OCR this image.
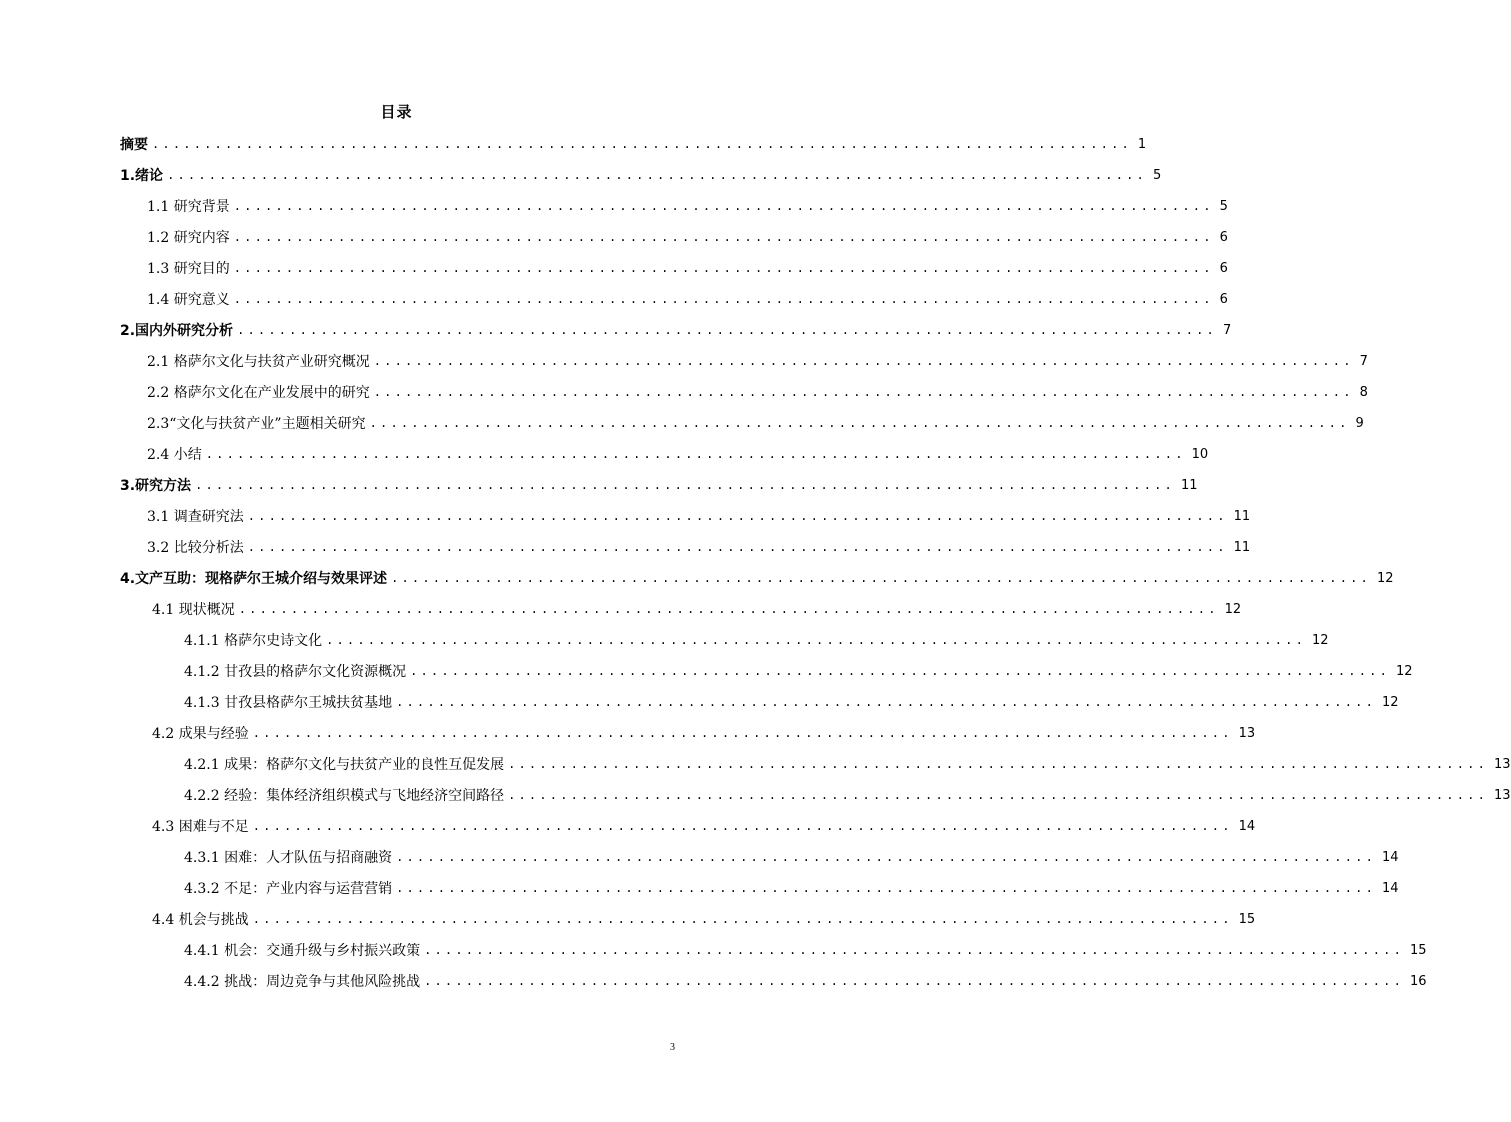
目录
摘要 .............................................................................................. 1
1.绪论 .............................................................................................. 5
1.1 研究背景 .............................................................................................. 5
1.2 研究内容 .............................................................................................. 6
1.3 研究目的 .............................................................................................. 6
1.4 研究意义 .............................................................................................. 6
2.国内外研究分析 .............................................................................................. 7
2.1 格萨尔文化与扶贫产业研究概况 .............................................................................................. 7
2.2 格萨尔文化在产业发展中的研究 .............................................................................................. 8
2.3“文化与扶贫产业”主题相关研究 .............................................................................................. 9
2.4 小结 .............................................................................................. 10
3.研究方法 .............................................................................................. 11
3.1 调查研究法 .............................................................................................. 11
3.2 比较分析法 .............................................................................................. 11
4.文产互助：现格萨尔王城介绍与效果评述 .............................................................................................. 12
4.1 现状概况 .............................................................................................. 12
4.1.1 格萨尔史诗文化 .............................................................................................. 12
4.1.2 甘孜县的格萨尔文化资源概况 .............................................................................................. 12
4.1.3 甘孜县格萨尔王城扶贫基地 .............................................................................................. 12
4.2 成果与经验 .............................................................................................. 13
4.2.1 成果：格萨尔文化与扶贫产业的良性互促发展 .............................................................................................. 13
4.2.2 经验：集体经济组织模式与飞地经济空间路径 .............................................................................................. 13
4.3 困难与不足 .............................................................................................. 14
4.3.1 困难：人才队伍与招商融资 .............................................................................................. 14
4.3.2 不足：产业内容与运营营销 .............................................................................................. 14
4.4 机会与挑战 .............................................................................................. 15
4.4.1 机会：交通升级与乡村振兴政策 .............................................................................................. 15
4.4.2 挑战：周边竞争与其他风险挑战 .............................................................................................. 16
3
